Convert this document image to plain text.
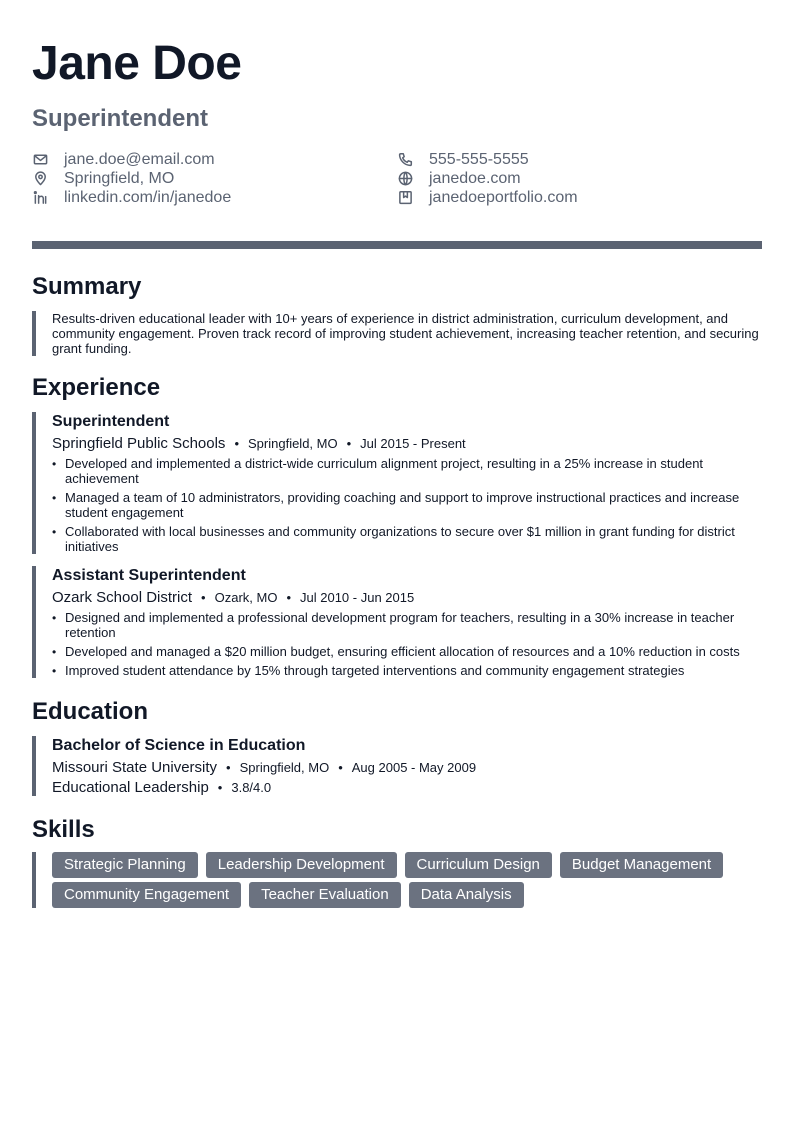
Jane Doe
Superintendent
jane.doe@email.com	555-555-5555
Springfield, MO	janedoe.com
linkedin.com/in/janedoe	janedoeportfolio.com
Summary

Results-driven educational leader with 10+ years of experience in district administration, curriculum development, and community engagement. Proven track record of improving student achievement, increasing teacher retention, and securing grant funding.

Experience
Superintendent
Springfield Public Schools • Springfield, MO • Jul 2015 - Present
• Developed and implemented a district-wide curriculum alignment project, resulting in a 25% increase in student achievement
• Managed a team of 10 administrators, providing coaching and support to improve instructional practices and increase student engagement
• Collaborated with local businesses and community organizations to secure over $1 million in grant funding for district initiatives
Assistant Superintendent
Ozark School District • Ozark, MO • Jul 2010 - Jun 2015
• Designed and implemented a professional development program for teachers, resulting in a 30% increase in teacher retention
• Developed and managed a $20 million budget, ensuring efficient allocation of resources and a 10% reduction in costs
• Improved student attendance by 15% through targeted interventions and community engagement strategies
Education
Bachelor of Science in Education
Missouri State University • Springfield, MO • Aug 2005 - May 2009
Educational Leadership • 3.8/4.0
Skills
Strategic Planning	Leadership Development	Curriculum Design	Budget Management
Community Engagement	Teacher Evaluation	Data Analysis
